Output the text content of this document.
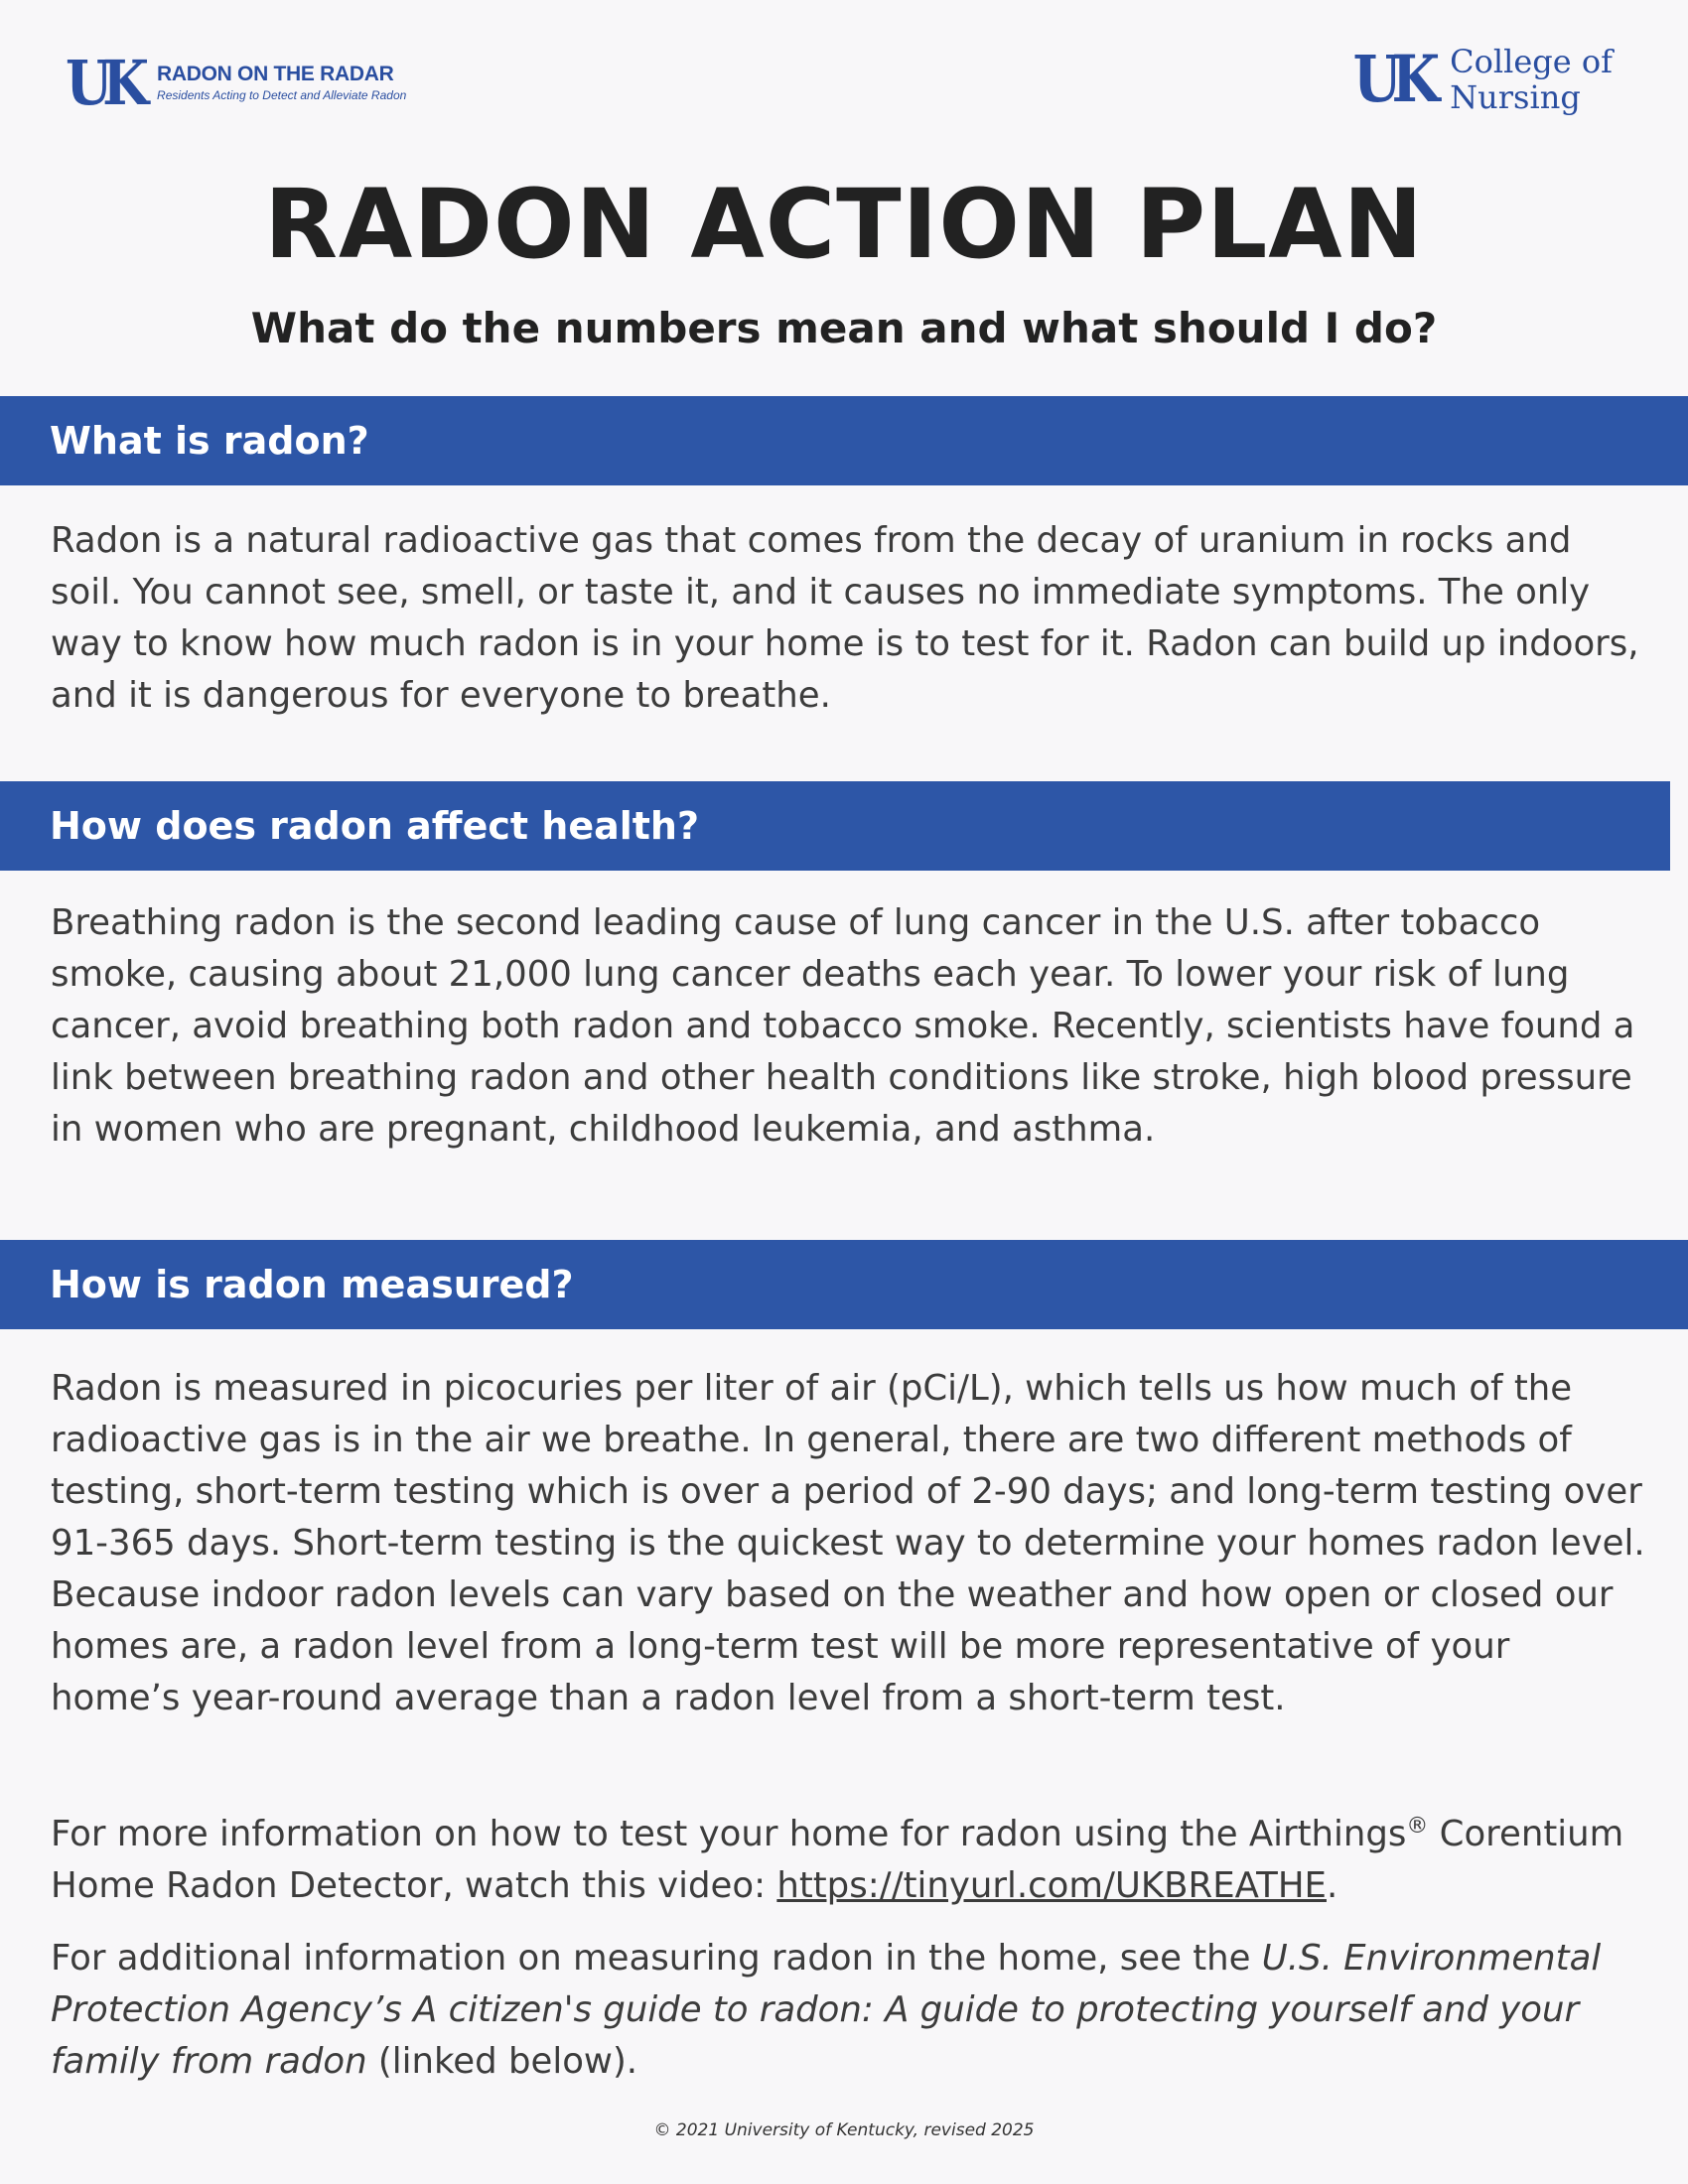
UK RADON ON THE RADAR
Residents Acting to Detect and Alleviate Radon	UK College of
Nursing
RADON ACTION PLAN

What do the numbers mean and what should I do?

What is radon?

Radon is a natural radioactive gas that comes from the decay of uranium in rocks and soil. You cannot see, smell, or taste it, and it causes no immediate symptoms. The only way to know how much radon is in your home is to test for it. Radon can build up indoors, and it is dangerous for everyone to breathe.

How does radon affect health?

Breathing radon is the second leading cause of lung cancer in the U.S. after tobacco smoke, causing about 21,000 lung cancer deaths each year. To lower your risk of lung cancer, avoid breathing both radon and tobacco smoke. Recently, scientists have found a link between breathing radon and other health conditions like stroke, high blood pressure in women who are pregnant, childhood leukemia, and asthma.

How is radon measured?

Radon is measured in picocuries per liter of air (pCi/L), which tells us how much of the radioactive gas is in the air we breathe. In general, there are two different methods of testing, short-term testing which is over a period of 2-90 days; and long-term testing over 91-365 days. Short-term testing is the quickest way to determine your homes radon level. Because indoor radon levels can vary based on the weather and how open or closed our homes are, a radon level from a long-term test will be more representative of your home’s year-round average than a radon level from a short-term test.

For more information on how to test your home for radon using the Airthings® Corentium Home Radon Detector, watch this video: https://tinyurl.com/UKBREATHE.

For additional information on measuring radon in the home, see the U.S. Environmental Protection Agency’s A citizen's guide to radon: A guide to protecting yourself and your family from radon (linked below).

© 2021 University of Kentucky, revised 2025
